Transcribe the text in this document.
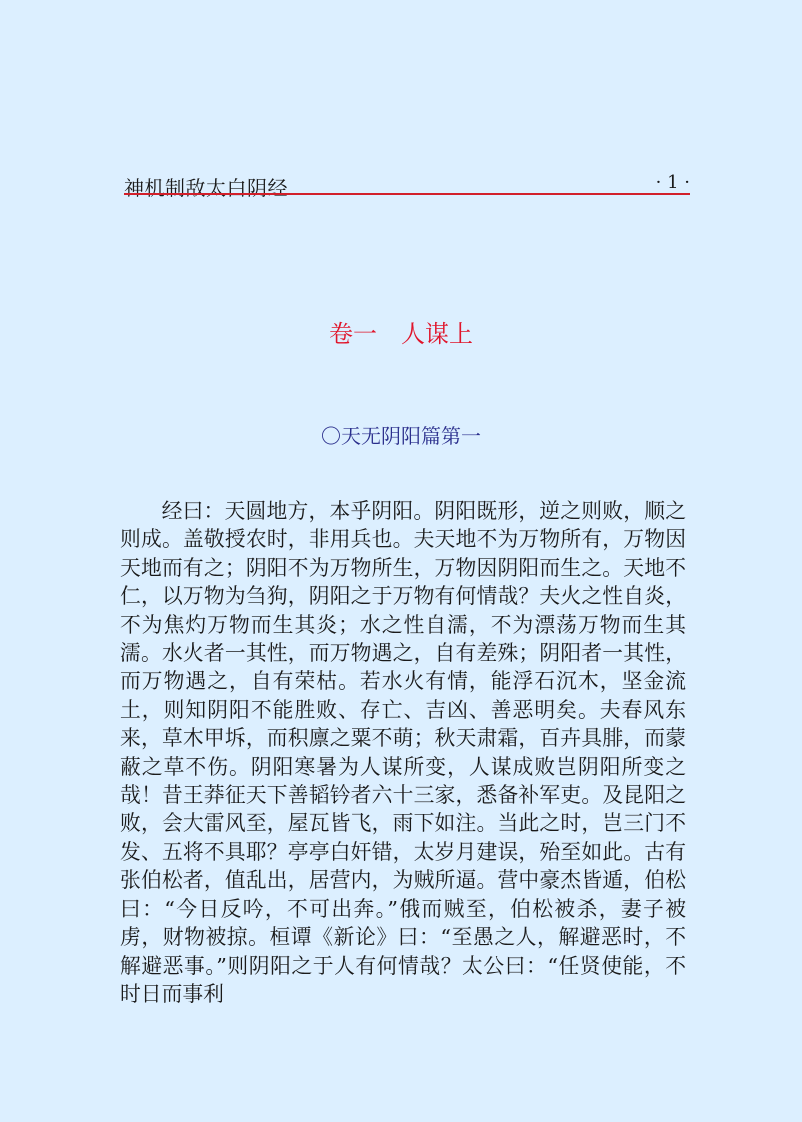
神机制敌太白阴经	· 1 ·
卷一　人谋上
〇天无阴阳篇第一

经曰：天圆地方，本乎阴阳。阴阳既形，逆之则败，顺之则成。盖敬授农时，非用兵也。夫天地不为万物所有，万物因天地而有之；阴阳不为万物所生，万物因阴阳而生之。天地不仁，以万物为刍狗，阴阳之于万物有何情哉？夫火之性自炎，不为焦灼万物而生其炎；水之性自濡，不为漂荡万物而生其濡。水火者一其性，而万物遇之，自有差殊；阴阳者一其性，而万物遇之，自有荣枯。若水火有情，能浮石沉木，坚金流土，则知阴阳不能胜败、存亡、吉凶、善恶明矣。夫春风东来，草木甲坼，而积廪之粟不萌；秋天肃霜，百卉具腓，而蒙蔽之草不伤。阴阳寒暑为人谋所变，人谋成败岂阴阳所变之哉！昔王莽征天下善韬钤者六十三家，悉备补军吏。及昆阳之败，会大雷风至，屋瓦皆飞，雨下如注。当此之时，岂三门不发、五将不具耶？亭亭白奸错，太岁月建误，殆至如此。古有张伯松者，值乱出，居营内，为贼所逼。营中豪杰皆遁，伯松曰：“今日反吟，不可出奔。”俄而贼至，伯松被杀，妻子被虏，财物被掠。桓谭《新论》曰：“至愚之人，解避恶时，不解避恶事。”则阴阳之于人有何情哉？太公曰：“任贤使能，不时日而事利
